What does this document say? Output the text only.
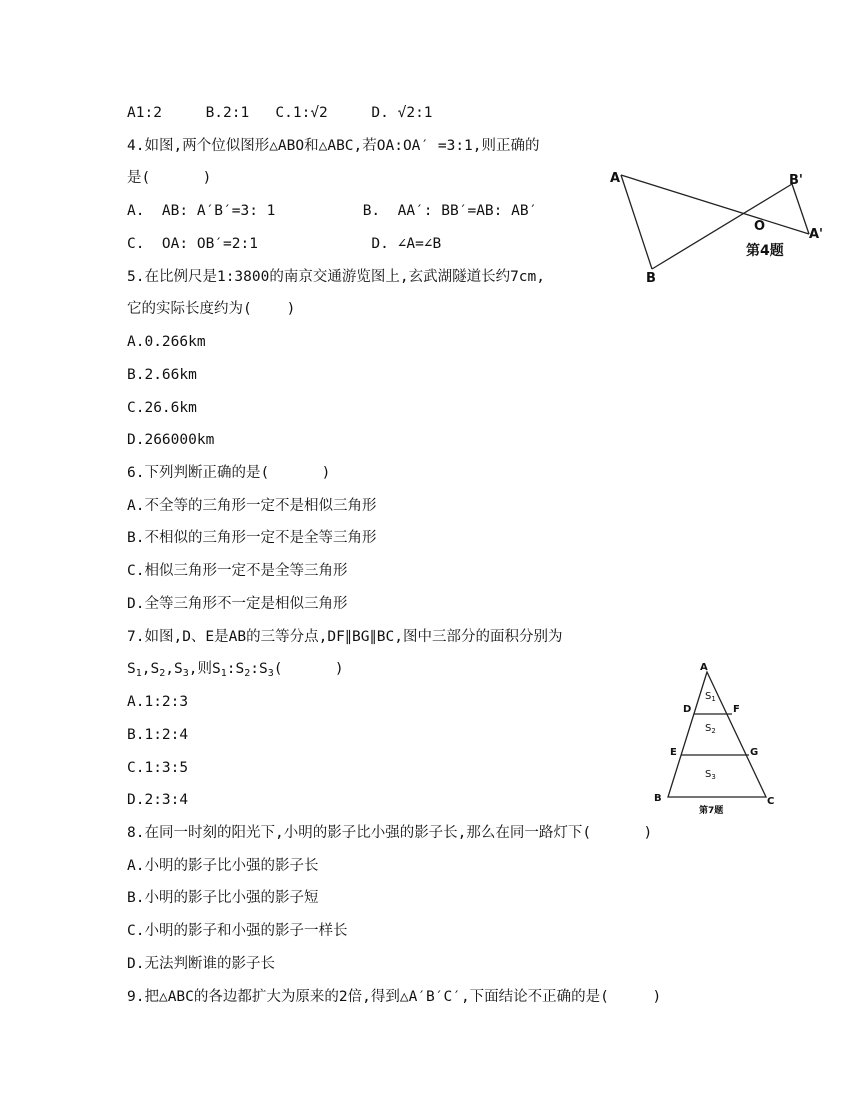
A1:2     B.2:1   C.1:√2     D. √2:1
4.如图,两个位似图形△ABO和△ABC,若OA:OA′ =3:1,则正确的
是(      )
A.  AB: A′B′=3: 1          B.  AA′: BB′=AB: AB′
C.  OA: OB′=2:1             D. ∠A=∠B
5.在比例尺是1:3800的南京交通游览图上,玄武湖隧道长约7cm,
它的实际长度约为(    )
A.0.266km
B.2.66km
C.26.6km
D.266000km
6.下列判断正确的是(      )
A.不全等的三角形一定不是相似三角形
B.不相似的三角形一定不是全等三角形
C.相似三角形一定不是全等三角形
D.全等三角形不一定是相似三角形
7.如图,D、E是AB的三等分点,DF∥BG∥BC,图中三部分的面积分别为
$S_1,S_2,S_3$,则$S_1:S_2:S_3$(      )
A.1:2:3
B.1:2:4
C.1:3:5
D.2:3:4
8.在同一时刻的阳光下,小明的影子比小强的影子长,那么在同一路灯下(      )
A.小明的影子比小强的影子长
B.小明的影子比小强的影子短
C.小明的影子和小强的影子一样长
D.无法判断谁的影子长
9.把△ABC的各边都扩大为原来的2倍,得到△A′B′C′,下面结论不正确的是(     )
A
B
O
B'
A'
第4题
A
D	F
E	G
B	C
$S_1$
$S_2$
$S_3$
第7题
